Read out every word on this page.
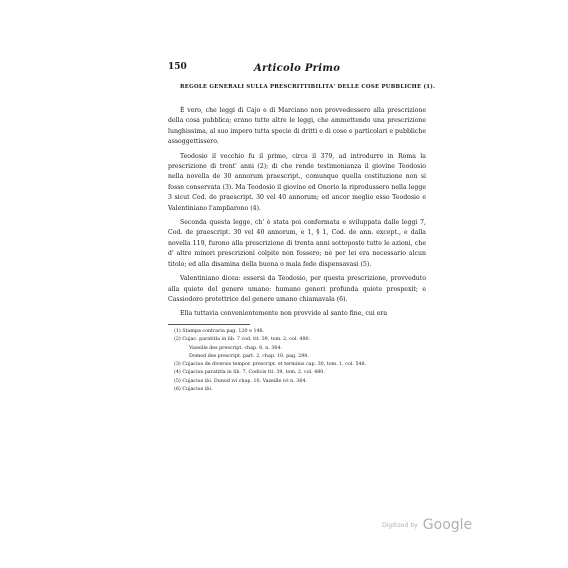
150	Articolo Primo
REGOLE GENERALI SULLA PRESCRITTIBILITA' DELLE COSE PUBBLICHE (1).

È vero, che leggi di Cajo e di Marciano non provvedessero alla prescrizione della cosa pubblica; erano tutte altre le leggi, che ammettendo una prescrizione lunghissima, al suo impero tutta specie di dritti e di cose e particolari e pubbliche assoggettissero.

Teodosio il vecchio fu il primo, circa il 379, ad introdurre in Roma la prescrizione di trent' anni (2); di che rende testimonianza il giovine Teodosio nella novella de 30 annorum praescript., comunque quella costituzione non si fosse conservata (3). Ma Teodosio il giovine ed Onorio la riprodussero nella legge 3 sicut Cod. de praescript. 30 vel 40 annorum; ed ancor meglio esso Teodosio e Valentiniano l'ampliarono (4).

Seconda questa legge, ch' è stata poi confermata e sviluppata dalle leggi 7, Cod. de praescript. 30 vel 40 annorum, e 1, § 1, Cod. de ann. except., e dalla novella 119, furono alla prescrizione di trenta anni sottoposte tutte le azioni, che d' altre minori prescrizioni colpite non fossero; nè per lei era necessario alcun titolo; ed alla disamina della buona o mala fede dispensavasi (5).

Valentiniano dicea: essersi da Teodosio, per questa prescrizione, provveduto alla quiete del genere umano: humano generi profunda quiete prospexit; e Cassiodoro protettrice del genere umano chiamavala (6).

Ella tuttavia convenientemente non provvide al santo fine, cui era

(1) Stampa contraria pag. 120 e 148.
(2) Cujac. paratitla in lib. 7 cod. tit. 39, tom. 2, col. 480.
Vazeille des prescript. chap. 8, n. 364.
Domod des prescript. part. 2, chap. 10, pag. 298.
(3) Cujacius de diversis tempor. prescript. et terminis cap. 30, tom. 1, col. 548.
(4) Cujacius paratitla in lib. 7, Codicis tit. 39, tom. 2, col. 480.
(5) Cujacius ibi. Dunod ivi chap. 10. Vazeille ivi n. 364.
(6) Cujacius ibi.
Digitized by Google
